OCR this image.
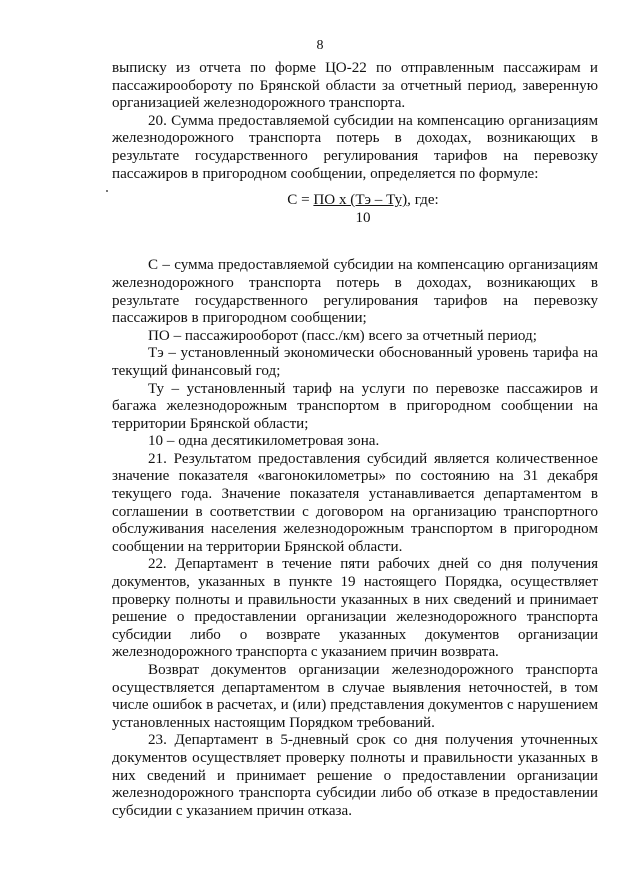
8

выписку из отчета по форме ЦО-22 по отправленным пассажирам и пассажирообороту по Брянской области за отчетный период, заверенную организацией железнодорожного транспорта.

20. Сумма предоставляемой субсидии на компенсацию организациям железнодорожного транспорта потерь в доходах, возникающих в результате государственного регулирования тарифов на перевозку пассажиров в пригородном сообщении, определяется по формуле:

С = ПО х (Тэ – Ту), где:
10

С – сумма предоставляемой субсидии на компенсацию организациям железнодорожного транспорта потерь в доходах, возникающих в результате государственного регулирования тарифов на перевозку пассажиров в пригородном сообщении;

ПО – пассажирооборот (пасс./км) всего за отчетный период;

Тэ – установленный экономически обоснованный уровень тарифа на текущий финансовый год;

Ту – установленный тариф на услуги по перевозке пассажиров и багажа железнодорожным транспортом в пригородном сообщении на территории Брянской области;

10 – одна десятикилометровая зона.

21. Результатом предоставления субсидий является количественное значение показателя «вагонокилометры» по состоянию на 31 декабря текущего года. Значение показателя устанавливается департаментом в соглашении в соответствии с договором на организацию транспортного обслуживания населения железнодорожным транспортом в пригородном сообщении на территории Брянской области.

22. Департамент в течение пяти рабочих дней со дня получения документов, указанных в пункте 19 настоящего Порядка, осуществляет проверку полноты и правильности указанных в них сведений и принимает решение о предоставлении организации железнодорожного транспорта субсидии либо о возврате указанных документов организации железнодорожного транспорта с указанием причин возврата.

Возврат документов организации железнодорожного транспорта осуществляется департаментом в случае выявления неточностей, в том числе ошибок в расчетах, и (или) представления документов с нарушением установленных настоящим Порядком требований.

23. Департамент в 5-дневный срок со дня получения уточненных документов осуществляет проверку полноты и правильности указанных в них сведений и принимает решение о предоставлении организации железнодорожного транспорта субсидии либо об отказе в предоставлении субсидии с указанием причин отказа.
